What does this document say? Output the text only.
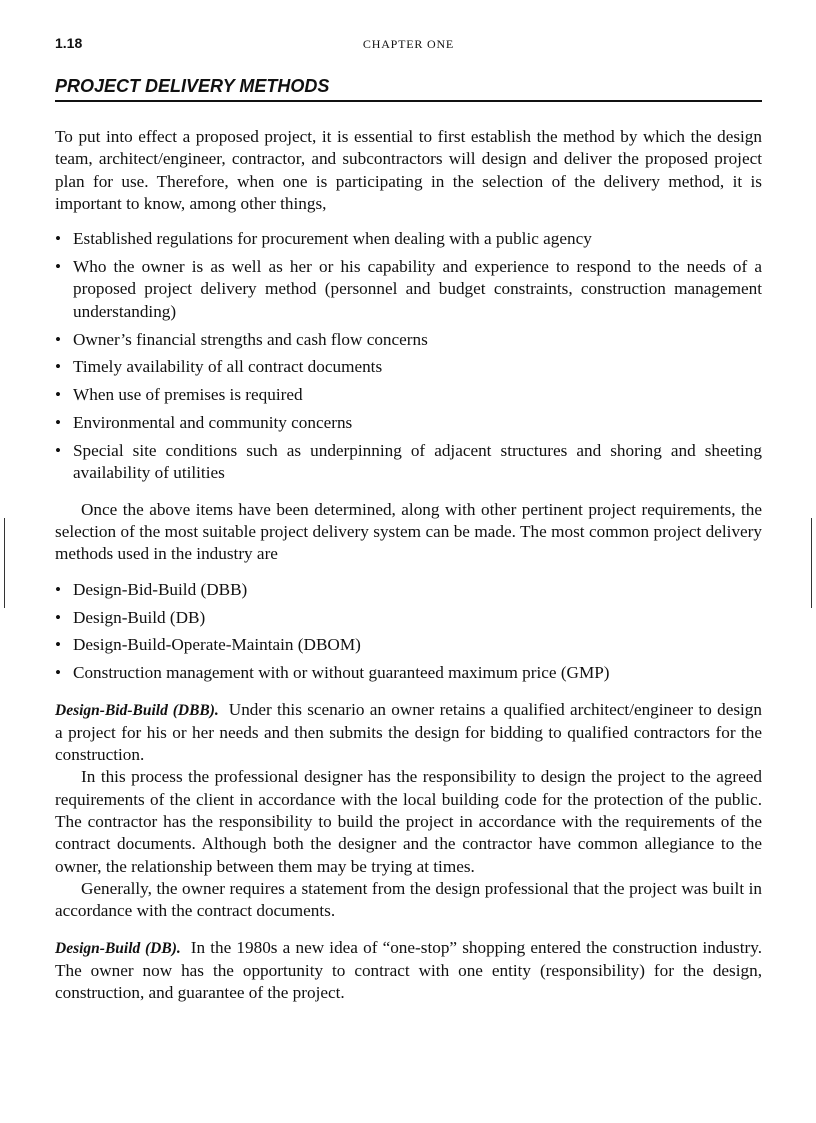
1.18	CHAPTER ONE
PROJECT DELIVERY METHODS

To put into effect a proposed project, it is essential to first establish the method by which the design team, architect/engineer, contractor, and subcontractors will design and deliver the proposed project plan for use. Therefore, when one is participating in the selection of the delivery method, it is important to know, among other things,

• Established regulations for procurement when dealing with a public agency
• Who the owner is as well as her or his capability and experience to respond to the needs of a proposed project delivery method (personnel and budget constraints, construction management understanding)
• Owner’s financial strengths and cash flow concerns
• Timely availability of all contract documents
• When use of premises is required
• Environmental and community concerns
• Special site conditions such as underpinning of adjacent structures and shoring and sheeting availability of utilities

Once the above items have been determined, along with other pertinent project requirements, the selection of the most suitable project delivery system can be made. The most common project delivery methods used in the industry are

• Design-Bid-Build (DBB)
• Design-Build (DB)
• Design-Build-Operate-Maintain (DBOM)
• Construction management with or without guaranteed maximum price (GMP)

Design-Bid-Build (DBB). Under this scenario an owner retains a qualified architect/engineer to design a project for his or her needs and then submits the design for bidding to qualified contractors for the construction.

In this process the professional designer has the responsibility to design the project to the agreed requirements of the client in accordance with the local building code for the protection of the public. The contractor has the responsibility to build the project in accordance with the requirements of the contract documents. Although both the designer and the contractor have common allegiance to the owner, the relationship between them may be trying at times.

Generally, the owner requires a statement from the design professional that the project was built in accordance with the contract documents.

Design-Build (DB). In the 1980s a new idea of “one-stop” shopping entered the construction industry. The owner now has the opportunity to contract with one entity (responsibility) for the design, construction, and guarantee of the project.
